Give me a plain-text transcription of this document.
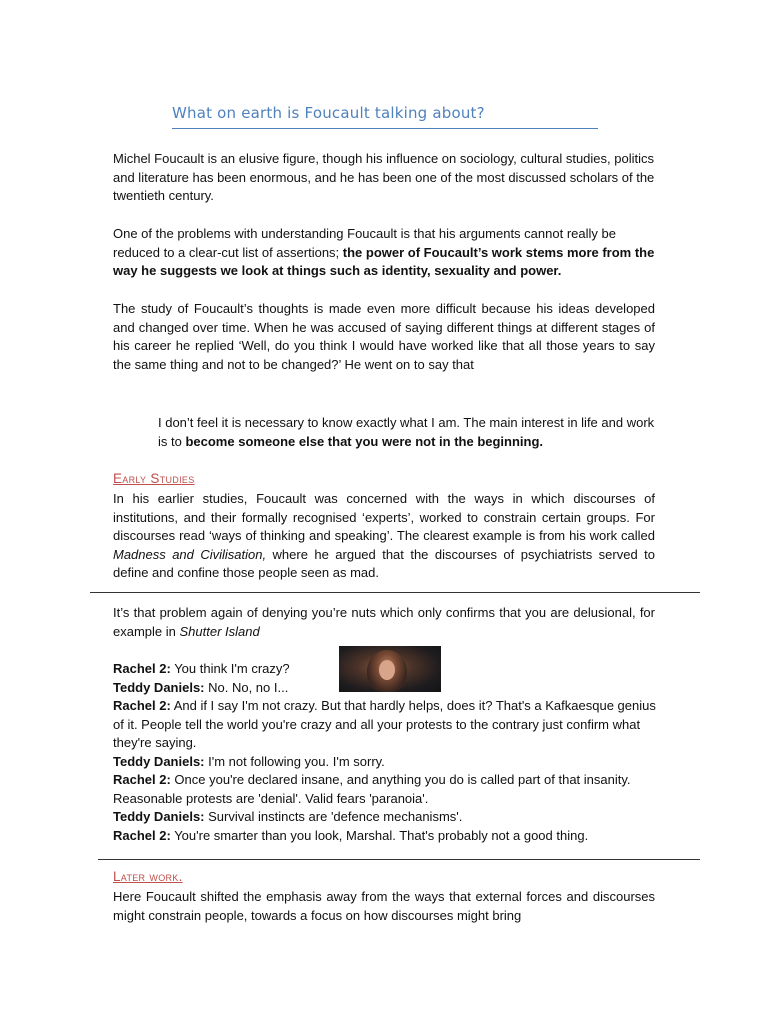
What on earth is Foucault talking about?

Michel Foucault is an elusive figure, though his influence on sociology, cultural studies, politics and literature has been enormous, and he has been one of the most discussed scholars of the twentieth century.

One of the problems with understanding Foucault is that his arguments cannot really be reduced to a clear-cut list of assertions; the power of Foucault’s work stems more from the way he suggests we look at things such as identity, sexuality and power.

The study of Foucault’s thoughts is made even more difficult because his ideas developed and changed over time. When he was accused of saying different things at different stages of his career he replied ‘Well, do you think I would have worked like that all those years to say the same thing and not to be changed?’ He went on to say that

I don’t feel it is necessary to know exactly what I am. The main interest in life and work is to become someone else that you were not in the beginning.

Early Studies

In his earlier studies, Foucault was concerned with the ways in which discourses of institutions, and their formally recognised ‘experts’, worked to constrain certain groups. For discourses read ‘ways of thinking and speaking’. The clearest example is from his work called Madness and Civilisation, where he argued that the discourses of psychiatrists served to define and confine those people seen as mad.

It’s that problem again of denying you’re nuts which only confirms that you are delusional, for example in Shutter Island

Rachel 2: You think I'm crazy?

Teddy Daniels: No. No, no I...

Rachel 2: And if I say I'm not crazy. But that hardly helps, does it? That's a Kafkaesque genius of it. People tell the world you're crazy and all your protests to the contrary just confirm what they're saying.

Teddy Daniels: I'm not following you. I'm sorry.

Rachel 2: Once you're declared insane, and anything you do is called part of that insanity. Reasonable protests are 'denial'. Valid fears 'paranoia'.

Teddy Daniels: Survival instincts are 'defence mechanisms'.

Rachel 2: You're smarter than you look, Marshal. That's probably not a good thing.

Later work.

Here Foucault shifted the emphasis away from the ways that external forces and discourses might constrain people, towards a focus on how discourses might bring
